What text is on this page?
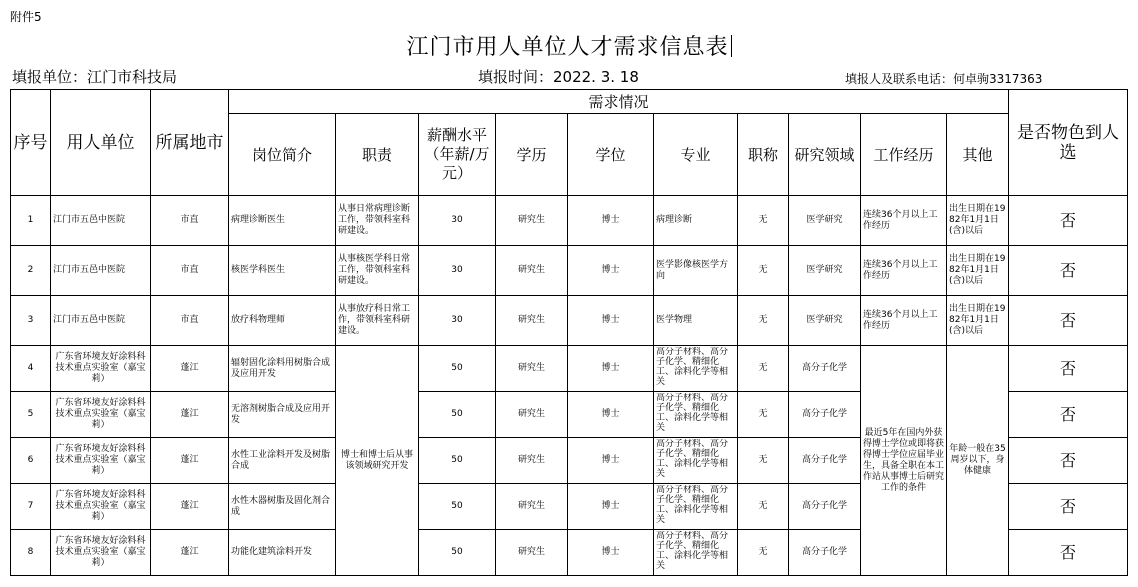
附件5
江门市用人单位人才需求信息表
填报单位：江门市科技局	填报时间：2022. 3. 18	填报人及联系电话：何卓驹3317363
序号	用人单位	所属地市	需求情况										是否物色到人选
			岗位简介	职责	薪酬水平（年薪/万元）	学历	学位	专业	职称	研究领域	工作经历	其他	
1	江门市五邑中医院	市直	病理诊断医生	从事日常病理诊断工作，带领科室科研建设。	30	研究生	博士	病理诊断	无	医学研究	连续36个月以上工作经历	出生日期在1982年1月1日(含)以后	否
2	江门市五邑中医院	市直	核医学科医生	从事核医学科日常工作，带领科室科研建设。	30	研究生	博士	医学影像核医学方向	无	医学研究	连续36个月以上工作经历	出生日期在1982年1月1日(含)以后	否
3	江门市五邑中医院	市直	放疗科物理师	从事放疗科日常工作，带领科室科研建设。	30	研究生	博士	医学物理	无	医学研究	连续36个月以上工作经历	出生日期在1982年1月1日(含)以后	否
4	广东省环境友好涂料科技术重点实验室（嘉宝莉）	蓬江	辐射固化涂料用树脂合成及应用开发	博士和博士后从事该领域研究开发	50	研究生	博士	高分子材料、高分子化学、精细化工、涂料化学等相关	无	高分子化学	最近5年在国内外获得博士学位或即将获得博士学位应届毕业生，具备全职在本工作站从事博士后研究工作的条件	年龄一般在35周岁以下，身体健康	否
5	广东省环境友好涂料科技术重点实验室（嘉宝莉）	蓬江	无溶剂树脂合成及应用开发		50	研究生	博士	高分子材料、高分子化学、精细化工、涂料化学等相关	无	高分子化学			否
6	广东省环境友好涂料科技术重点实验室（嘉宝莉）	蓬江	水性工业涂料开发及树脂合成		50	研究生	博士	高分子材料、高分子化学、精细化工、涂料化学等相关	无	高分子化学			否
7	广东省环境友好涂料科技术重点实验室（嘉宝莉）	蓬江	水性木器树脂及固化剂合成		50	研究生	博士	高分子材料、高分子化学、精细化工、涂料化学等相关	无	高分子化学			否
8	广东省环境友好涂料科技术重点实验室（嘉宝莉）	蓬江	功能化建筑涂料开发		50	研究生	博士	高分子材料、高分子化学、精细化工、涂料化学等相关	无	高分子化学			否
